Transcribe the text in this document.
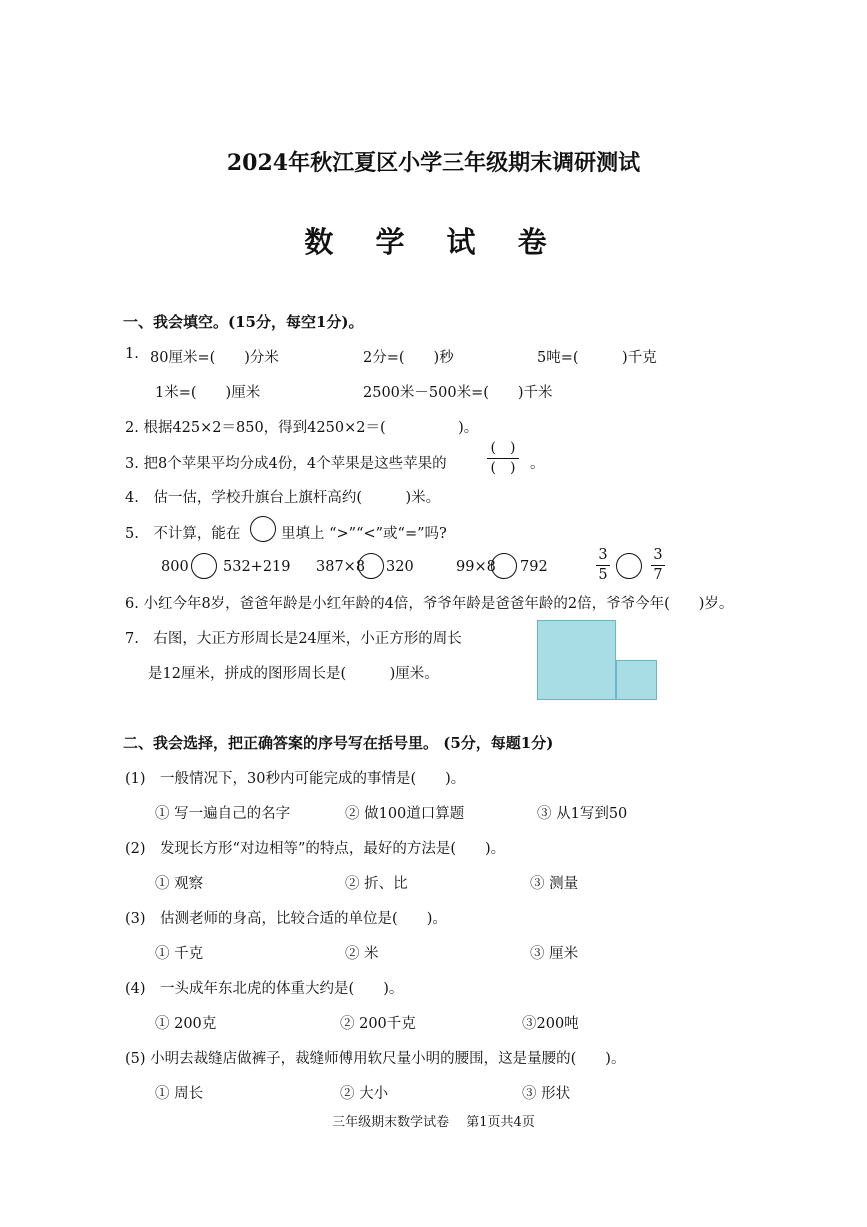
2024年秋江夏区小学三年级期末调研测试
数 学 试 卷
一、我会填空。(15分，每空1分)。
1. 80厘米=(　　)分米	2分=(　　)秒	5吨=(　　　)千克
1米=(　　)厘米	2500米－500米=(　　)千米
2. 根据425×2＝850，得到4250×2＝(　　　　　)。
3. 把8个苹果平均分成4份，4个苹果是这些苹果的
(　)
(　)	。
4.　估一估，学校升旗台上旗杆高约(　　　)米。
5.　不计算，能在	里填上 “>”“<”或“=”吗?
800 532+219 387×8 320	99×8 792
3
5
3
7
6. 小红今年8岁，爸爸年龄是小红年龄的4倍，爷爷年龄是爸爸年龄的2倍，爷爷今年(　　)岁。
7.　右图，大正方形周长是24厘米，小正方形的周长
是12厘米，拼成的图形周长是(　　　)厘米。
二、我会选择，把正确答案的序号写在括号里。 (5分，每题1分)
(1)　一般情况下，30秒内可能完成的事情是(　　)。
① 写一遍自己的名字	② 做100道口算题	③ 从1写到50
(2)　发现长方形“对边相等”的特点，最好的方法是(　　)。
① 观察	② 折、比	③ 测量
(3)　估测老师的身高，比较合适的单位是(　　)。
① 千克	② 米	③ 厘米
(4)　一头成年东北虎的体重大约是(　　)。
① 200克	② 200千克	③200吨
(5) 小明去裁缝店做裤子，裁缝师傅用软尺量小明的腰围，这是量腰的(　　)。
① 周长	② 大小	③ 形状
三年级期末数学试卷　 第1页共4页
